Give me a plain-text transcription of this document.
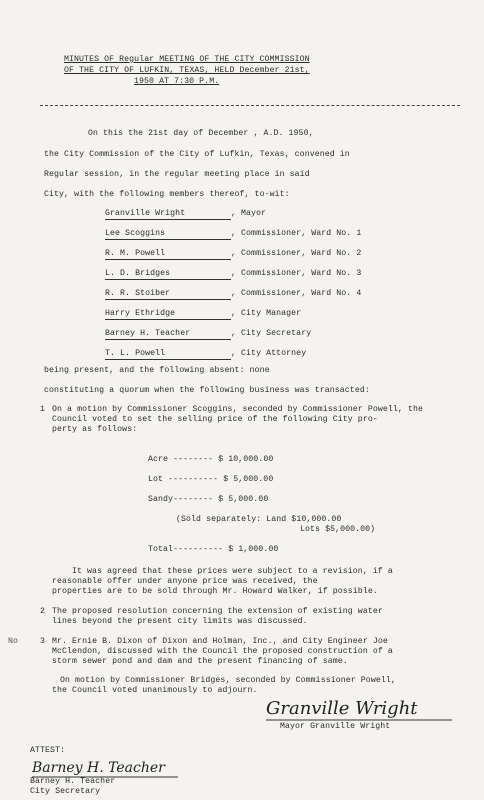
MINUTES OF Regular MEETING OF THE CITY COMMISSION
OF THE CITY OF LUFKIN, TEXAS, HELD December 21st,
1950 AT 7:30 P.M.
On this the 21st day of December , A.D. 1950,
the City Commission of the City of Lufkin, Texas, convened in
Regular session, in the regular meeting place in said
City, with the following members thereof, to-wit:
Granville Wright	, Mayor
Lee Scoggins	, Commissioner, Ward No. 1
R. M. Powell	, Commissioner, Ward No. 2
L. D. Bridges	, Commissioner, Ward No. 3
R. R. Stoiber	, Commissioner, Ward No. 4
Harry Ethridge	, City Manager
Barney H. Teacher	, City Secretary
T. L. Powell	, City Attorney
being present, and the following absent: none
constituting a quorum when the following business was transacted:
1 On a motion by Commissioner Scoggins, seconded by Commissioner Powell, the
Council voted to set the selling price of the following City pro-
perty as follows:
Acre -------- $ 10,000.00
Lot ---------- $ 5,000.00
Sandy-------- $ 5,000.00
(Sold separately: Land $10,000.00
Lots $5,000.00)
Total---------- $ 1,000.00
It was agreed that these prices were subject to a revision, if a
reasonable offer under anyone price was received, the
properties are to be sold through Mr. Howard Walker, if possible.
2 The proposed resolution concerning the extension of existing water
lines beyond the present city limits was discussed.
No	3 Mr. Ernie B. Dixon of Dixon and Holman, Inc., and City Engineer Joe
McClendon, discussed with the Council the proposed construction of a
storm sewer pond and dam and the present financing of same.
On motion by Commissioner Bridges, seconded by Commissioner Powell,
the Council voted unanimously to adjourn.
Granville Wright
Mayor Granville Wright
ATTEST:
Barney H. Teacher
Barney H. Teacher
City Secretary
